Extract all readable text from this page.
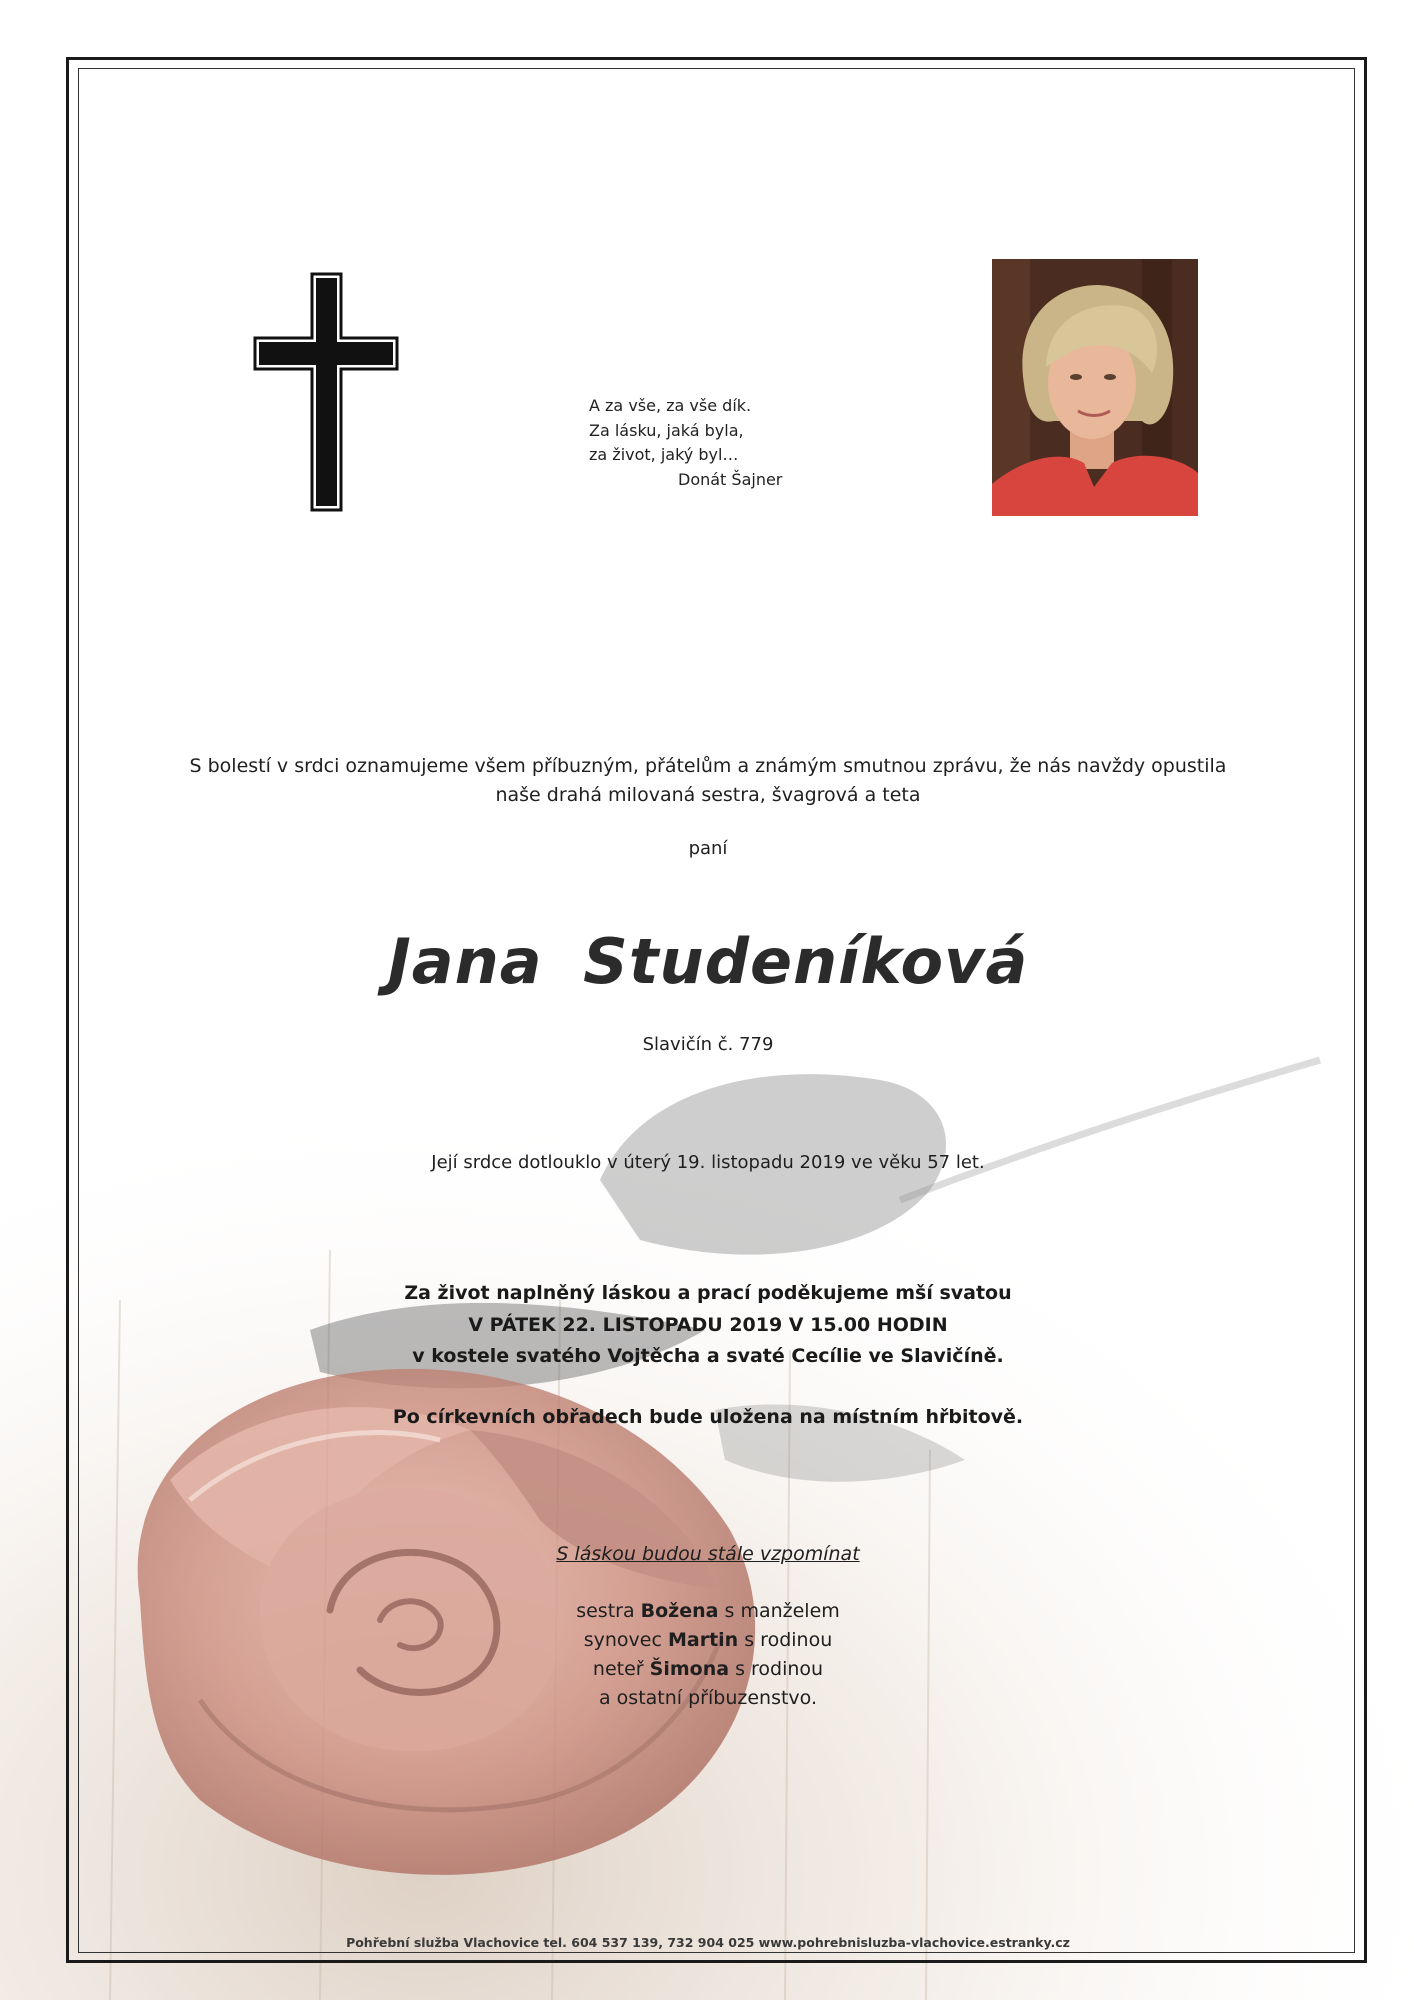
A za vše, za vše dík.
Za lásku, jaká byla,
za život, jaký byl…
Donát Šajner
S bolestí v srdci oznamujeme všem příbuzným, přátelům a známým smutnou zprávu, že nás navždy opustila
naše drahá milovaná sestra, švagrová a teta
paní
Jana Studeníková
Slavičín č. 779
Její srdce dotlouklo v úterý 19. listopadu 2019 ve věku 57 let.
Za život naplněný láskou a prací poděkujeme mší svatou
V PÁTEK 22. LISTOPADU 2019 V 15.00 HODIN
v kostele svatého Vojtěcha a svaté Cecílie ve Slavičíně.
Po církevních obřadech bude uložena na místním hřbitově.
S láskou budou stále vzpomínat
sestra Božena s manželem
synovec Martin s rodinou
neteř Šimona s rodinou
a ostatní příbuzenstvo.
Pohřební služba Vlachovice tel. 604 537 139, 732 904 025 www.pohrebnisluzba-vlachovice.estranky.cz
